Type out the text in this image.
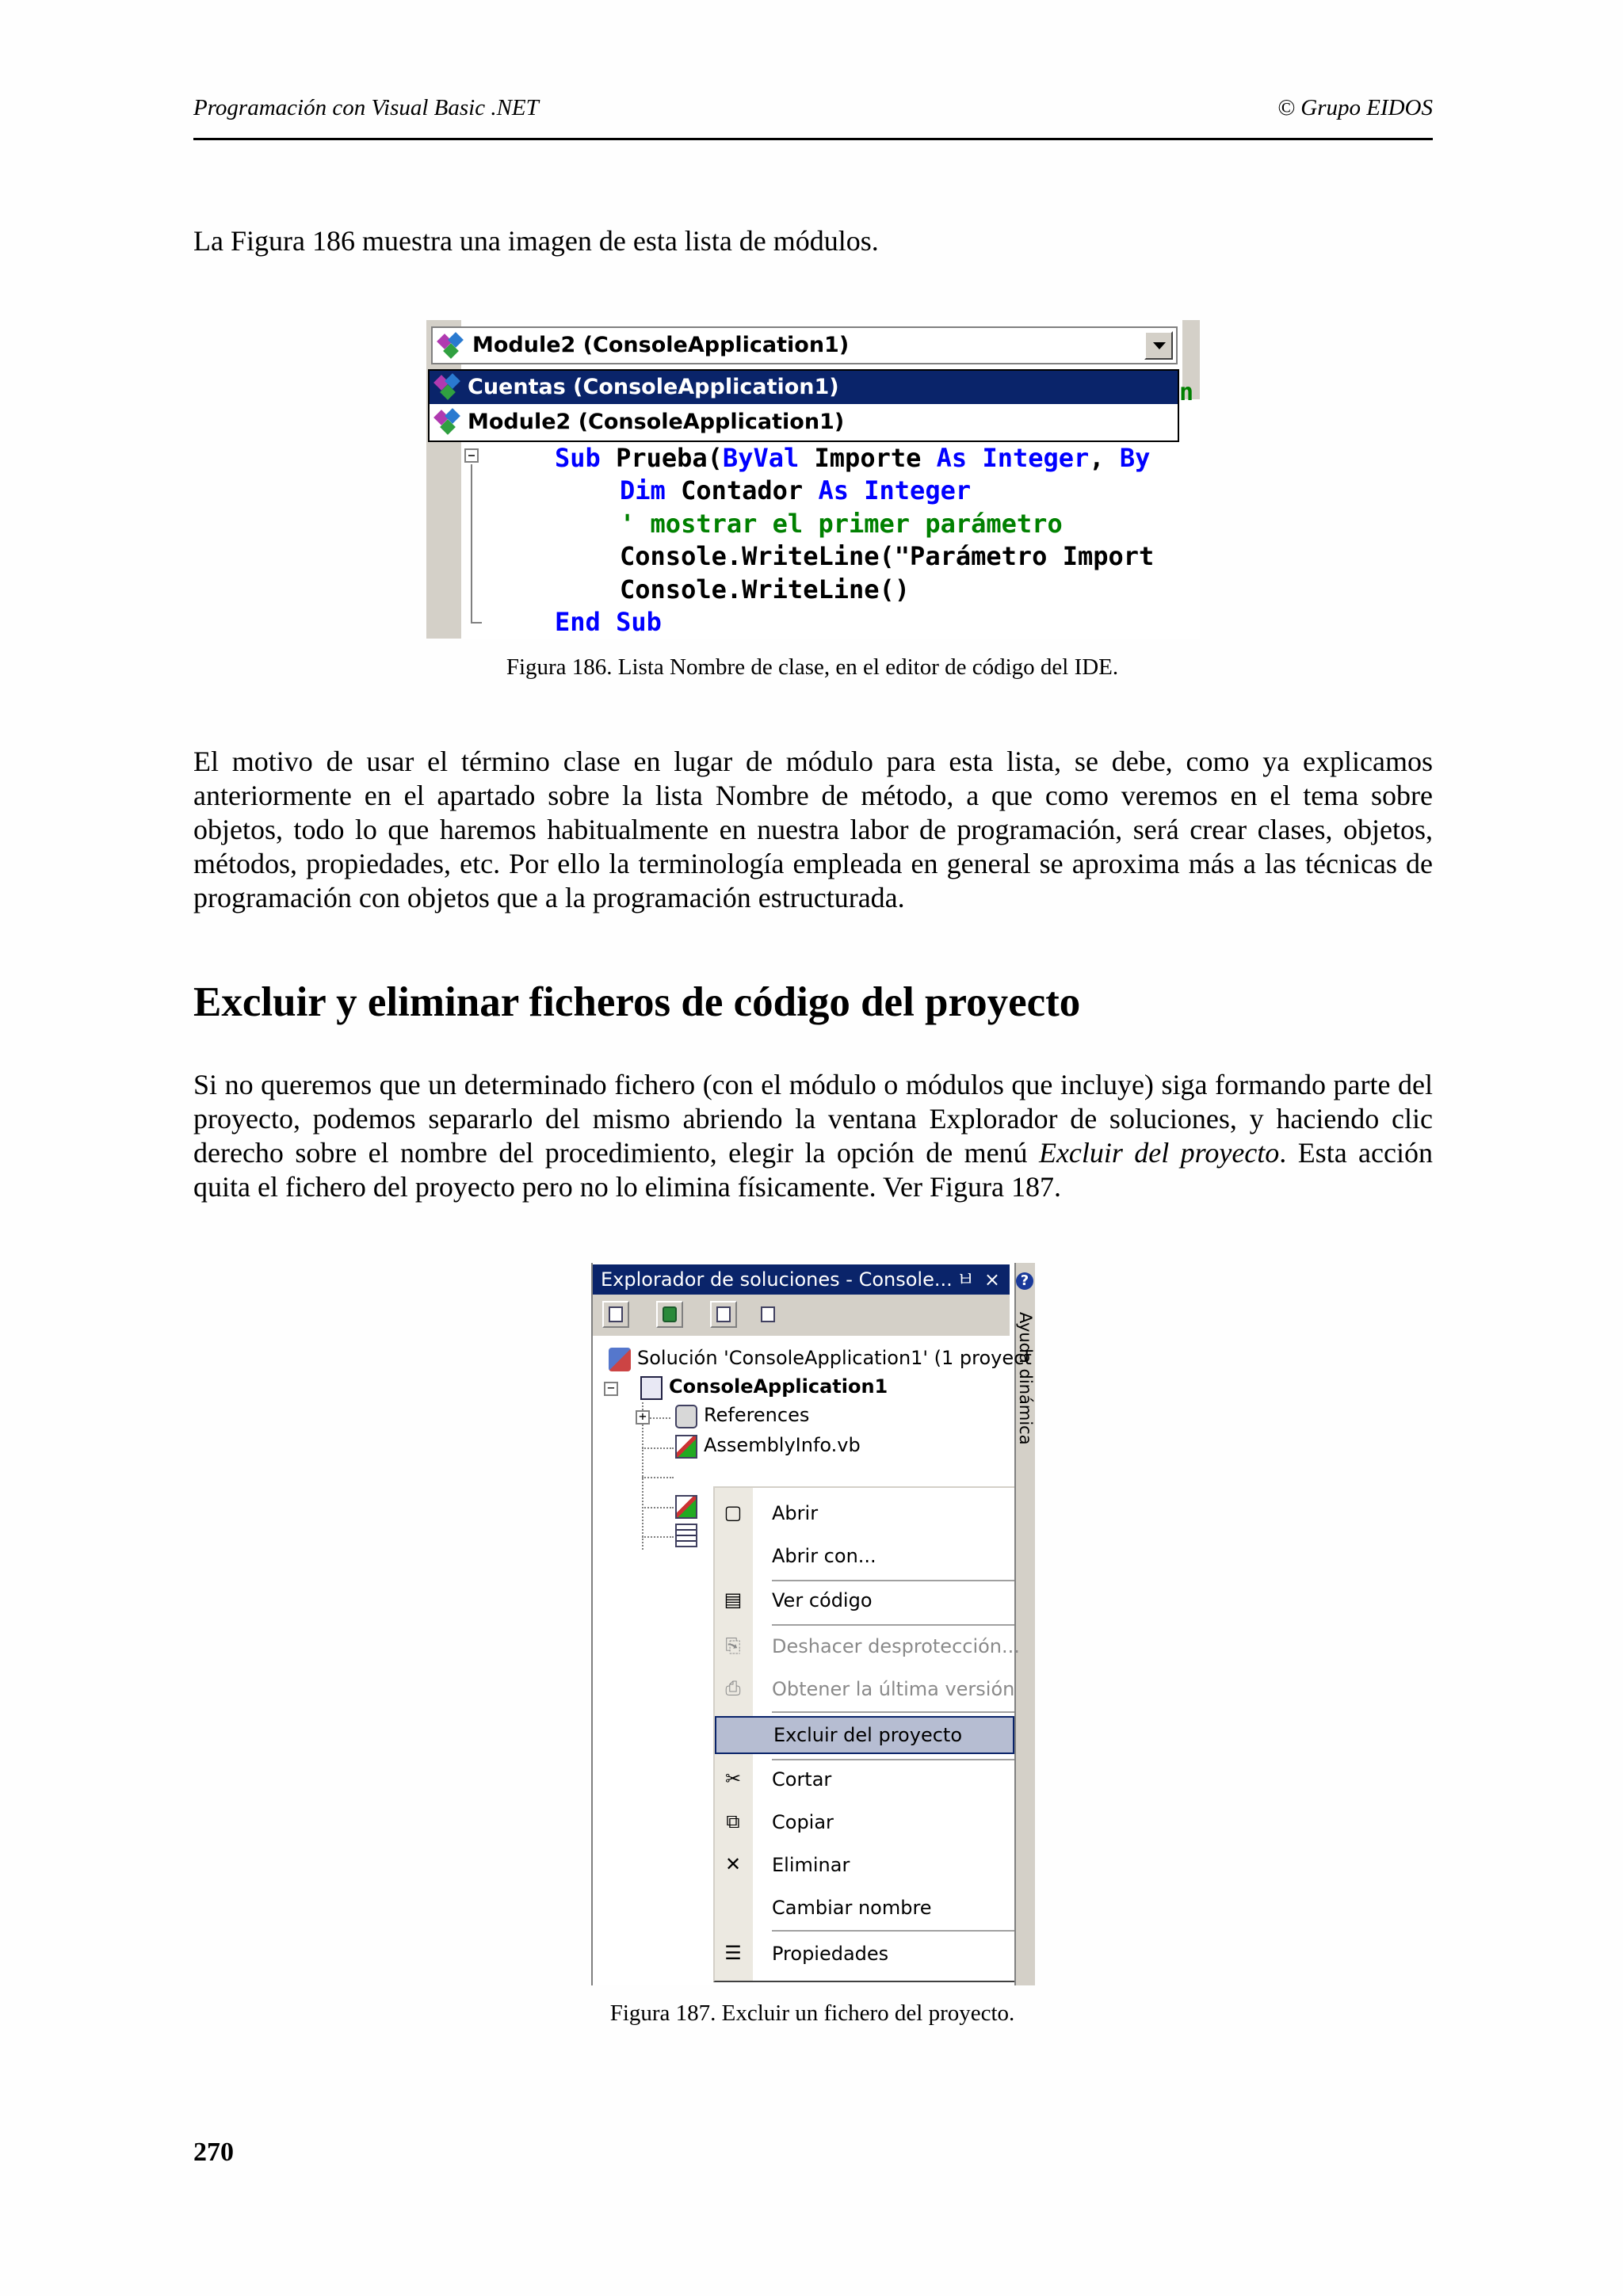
Programación con Visual Basic .NET	© Grupo EIDOS
La Figura 186 muestra una imagen de esta lista de módulos.
Module2 (ConsoleApplication1)
n
Cuentas (ConsoleApplication1)
Module2 (ConsoleApplication1)

Sub Prueba(ByVal Importe As Integer, By

Dim Contador As Integer

' mostrar el primer parámetro

Console.WriteLine("Parámetro Import

Console.WriteLine()

End Sub

Figura 186. Lista Nombre de clase, en el editor de código del IDE.
El motivo de usar el término clase en lugar de módulo para esta lista, se debe, como ya explicamos anteriormente en el apartado sobre la lista Nombre de método, a que como veremos en el tema sobre objetos, todo lo que haremos habitualmente en nuestra labor de programación, será crear clases, objetos, métodos, propiedades, etc. Por ello la terminología empleada en general se aproxima más a las técnicas de programación con objetos que a la programación estructurada.
Excluir y eliminar ficheros de código del proyecto
Si no queremos que un determinado fichero (con el módulo o módulos que incluye) siga formando parte del proyecto, podemos separarlo del mismo abriendo la ventana Explorador de soluciones, y haciendo clic derecho sobre el nombre del procedimiento, elegir la opción de menú Excluir del proyecto. Esta acción quita el fichero del proyecto pero no lo elimina físicamente. Ver Figura 187.
Explorador de soluciones - Console... ㅂ ×	?
Ayuda dinámica
Solución 'ConsoleApplication1' (1 proyect
−	ConsoleApplication1
+	References
AssemblyInfo.vb
▢ Abrir
Abrir con...
▤ Ver código
⎘ Deshacer desprotección...
⎙ Obtener la última versión
Excluir del proyecto
✂ Cortar
⧉ Copiar
✕ Eliminar
Cambiar nombre
☰ Propiedades
Figura 187. Excluir un fichero del proyecto.
270
